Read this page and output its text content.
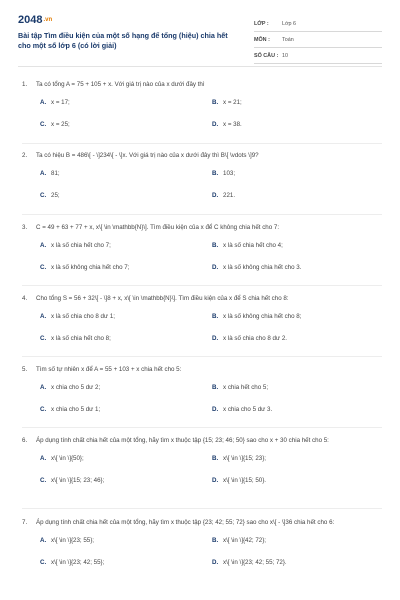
2048.vn
Bài tập Tìm điều kiện của một số hạng để tổng (hiệu) chia hết cho một số lớp 6 (có lời giải)
LỚP :	Lớp 6
MÔN :	Toán
SỐ CÂU : 10
1. Ta có tổng A = 75 + 105 + x. Với giá trị nào của x dưới đây thì
A. x = 17;	B. x = 21;
C. x = 25;	D. x = 38.
2. Ta có hiệu B = 486\[ - \]234\[ - \]x. Với giá trị nào của x dưới đây thì B\[ \vdots \]9?
A. 81;	B. 103;
C. 25;	D. 221.
3. C = 49 + 63 + 77 + x, x\[ \in \mathbb{N}\]. Tìm điều kiện của x để C không chia hết cho 7:
A. x là số chia hết cho 7;	B. x là số chia hết cho 4;
C. x là số không chia hết cho 7;	D. x là số không chia hết cho 3.
4. Cho tổng S = 56 + 32\[ - \]8 + x, x\[ \in \mathbb{N}\]. Tìm điều kiện của x để S chia hết cho 8:
A. x là số chia cho 8 dư 1;	B. x là số không chia hết cho 8;
C. x là số chia hết cho 8;	D. x là số chia cho 8 dư 2.
5. Tìm số tự nhiên x để A = 55 + 103 + x chia hết cho 5:
A. x chia cho 5 dư 2;	B. x chia hết cho 5;
C. x chia cho 5 dư 1;	D. x chia cho 5 dư 3.
6. Áp dụng tính chất chia hết của một tổng, hãy tìm x thuộc tập {15; 23; 46; 50} sao cho x + 30 chia hết cho 5:
A. x\[ \in \]{50};	B. x\[ \in \]{15; 23};
C. x\[ \in \]{15; 23; 46};	D. x\[ \in \]{15; 50}.
7. Áp dụng tính chất chia hết của một tổng, hãy tìm x thuộc tập {23; 42; 55; 72} sao cho x\[ - \]36 chia hết cho 6:
A. x\[ \in \]{23; 55};	B. x\[ \in \]{42; 72};
C. x\[ \in \]{23; 42; 55};	D. x\[ \in \]{23; 42; 55; 72}.
